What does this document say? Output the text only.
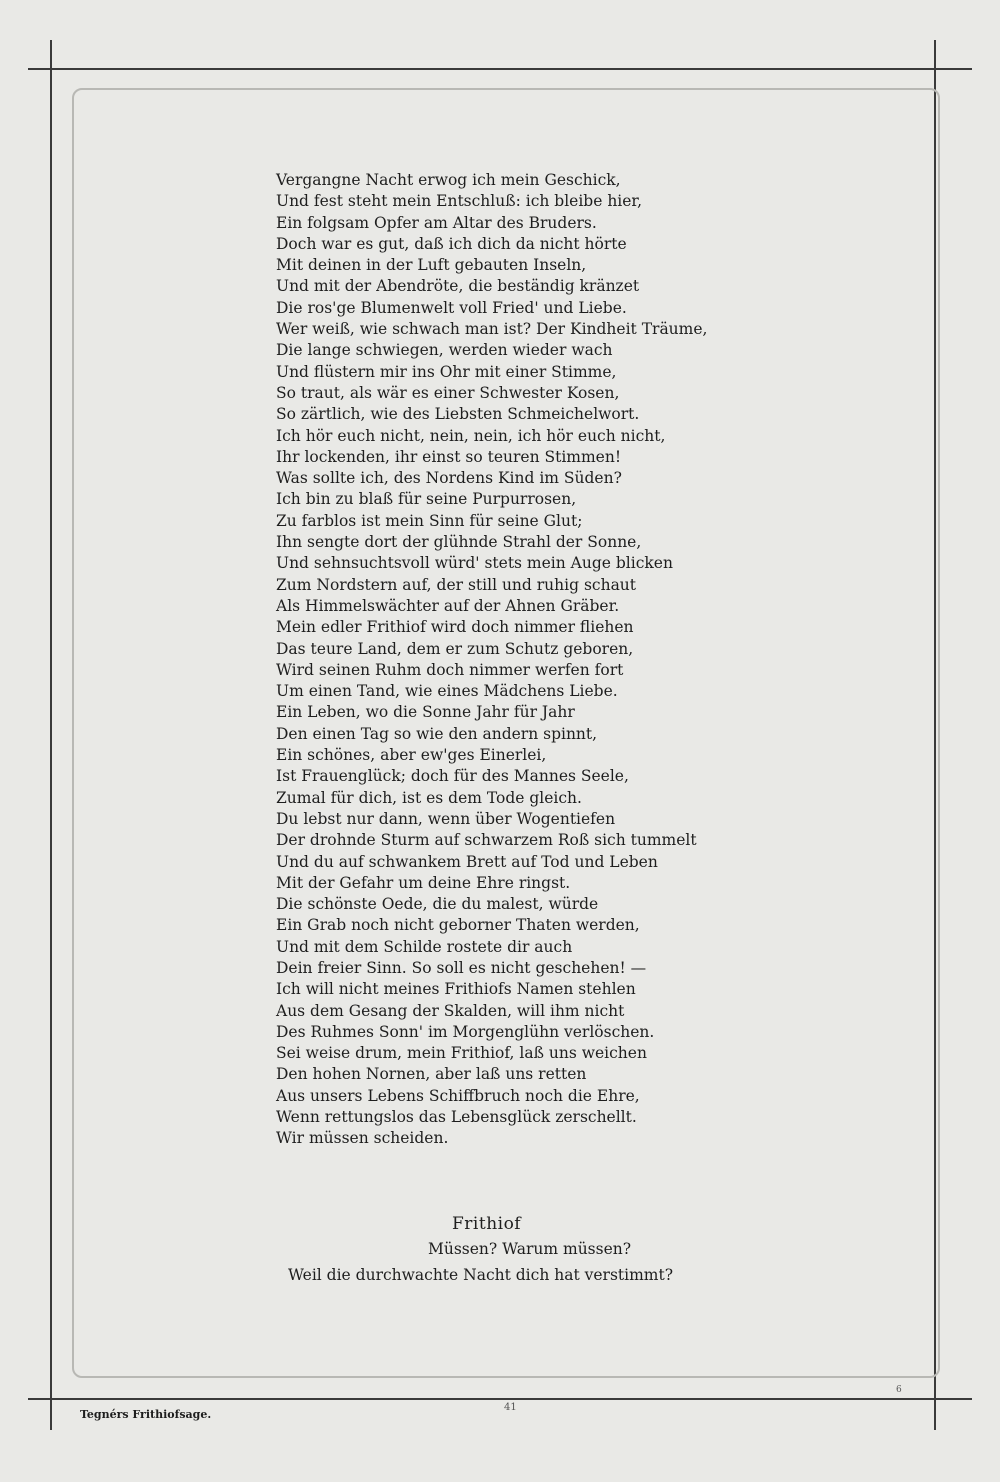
Vergangne Nacht erwog ich mein Geschick,
Und fest steht mein Entschluß: ich bleibe hier,
Ein folgsam Opfer am Altar des Bruders.
Doch war es gut, daß ich dich da nicht hörte
Mit deinen in der Luft gebauten Inseln,
Und mit der Abendröte, die beständig kränzet
Die ros'ge Blumenwelt voll Fried' und Liebe.
Wer weiß, wie schwach man ist? Der Kindheit Träume,
Die lange schwiegen, werden wieder wach
Und flüstern mir ins Ohr mit einer Stimme,
So traut, als wär es einer Schwester Kosen,
So zärtlich, wie des Liebsten Schmeichelwort.
Ich hör euch nicht, nein, nein, ich hör euch nicht,
Ihr lockenden, ihr einst so teuren Stimmen!
Was sollte ich, des Nordens Kind im Süden?
Ich bin zu blaß für seine Purpurrosen,
Zu farblos ist mein Sinn für seine Glut;
Ihn sengte dort der glühnde Strahl der Sonne,
Und sehnsuchtsvoll würd' stets mein Auge blicken
Zum Nordstern auf, der still und ruhig schaut
Als Himmelswächter auf der Ahnen Gräber.
Mein edler Frithiof wird doch nimmer fliehen
Das teure Land, dem er zum Schutz geboren,
Wird seinen Ruhm doch nimmer werfen fort
Um einen Tand, wie eines Mädchens Liebe.
Ein Leben, wo die Sonne Jahr für Jahr
Den einen Tag so wie den andern spinnt,
Ein schönes, aber ew'ges Einerlei,
Ist Frauenglück; doch für des Mannes Seele,
Zumal für dich, ist es dem Tode gleich.
Du lebst nur dann, wenn über Wogentiefen
Der drohnde Sturm auf schwarzem Roß sich tummelt
Und du auf schwankem Brett auf Tod und Leben
Mit der Gefahr um deine Ehre ringst.
Die schönste Oede, die du malest, würde
Ein Grab noch nicht geborner Thaten werden,
Und mit dem Schilde rostete dir auch
Dein freier Sinn. So soll es nicht geschehen! —
Ich will nicht meines Frithiofs Namen stehlen
Aus dem Gesang der Skalden, will ihm nicht
Des Ruhmes Sonn' im Morgenglühn verlöschen.
Sei weise drum, mein Frithiof, laß uns weichen
Den hohen Nornen, aber laß uns retten
Aus unsers Lebens Schiffbruch noch die Ehre,
Wenn rettungslos das Lebensglück zerschellt.
Wir müssen scheiden.
Frithiof
Müssen? Warum müssen?
Weil die durchwachte Nacht dich hat verstimmt?
Tegnérs Frithiofsage.
41
6
